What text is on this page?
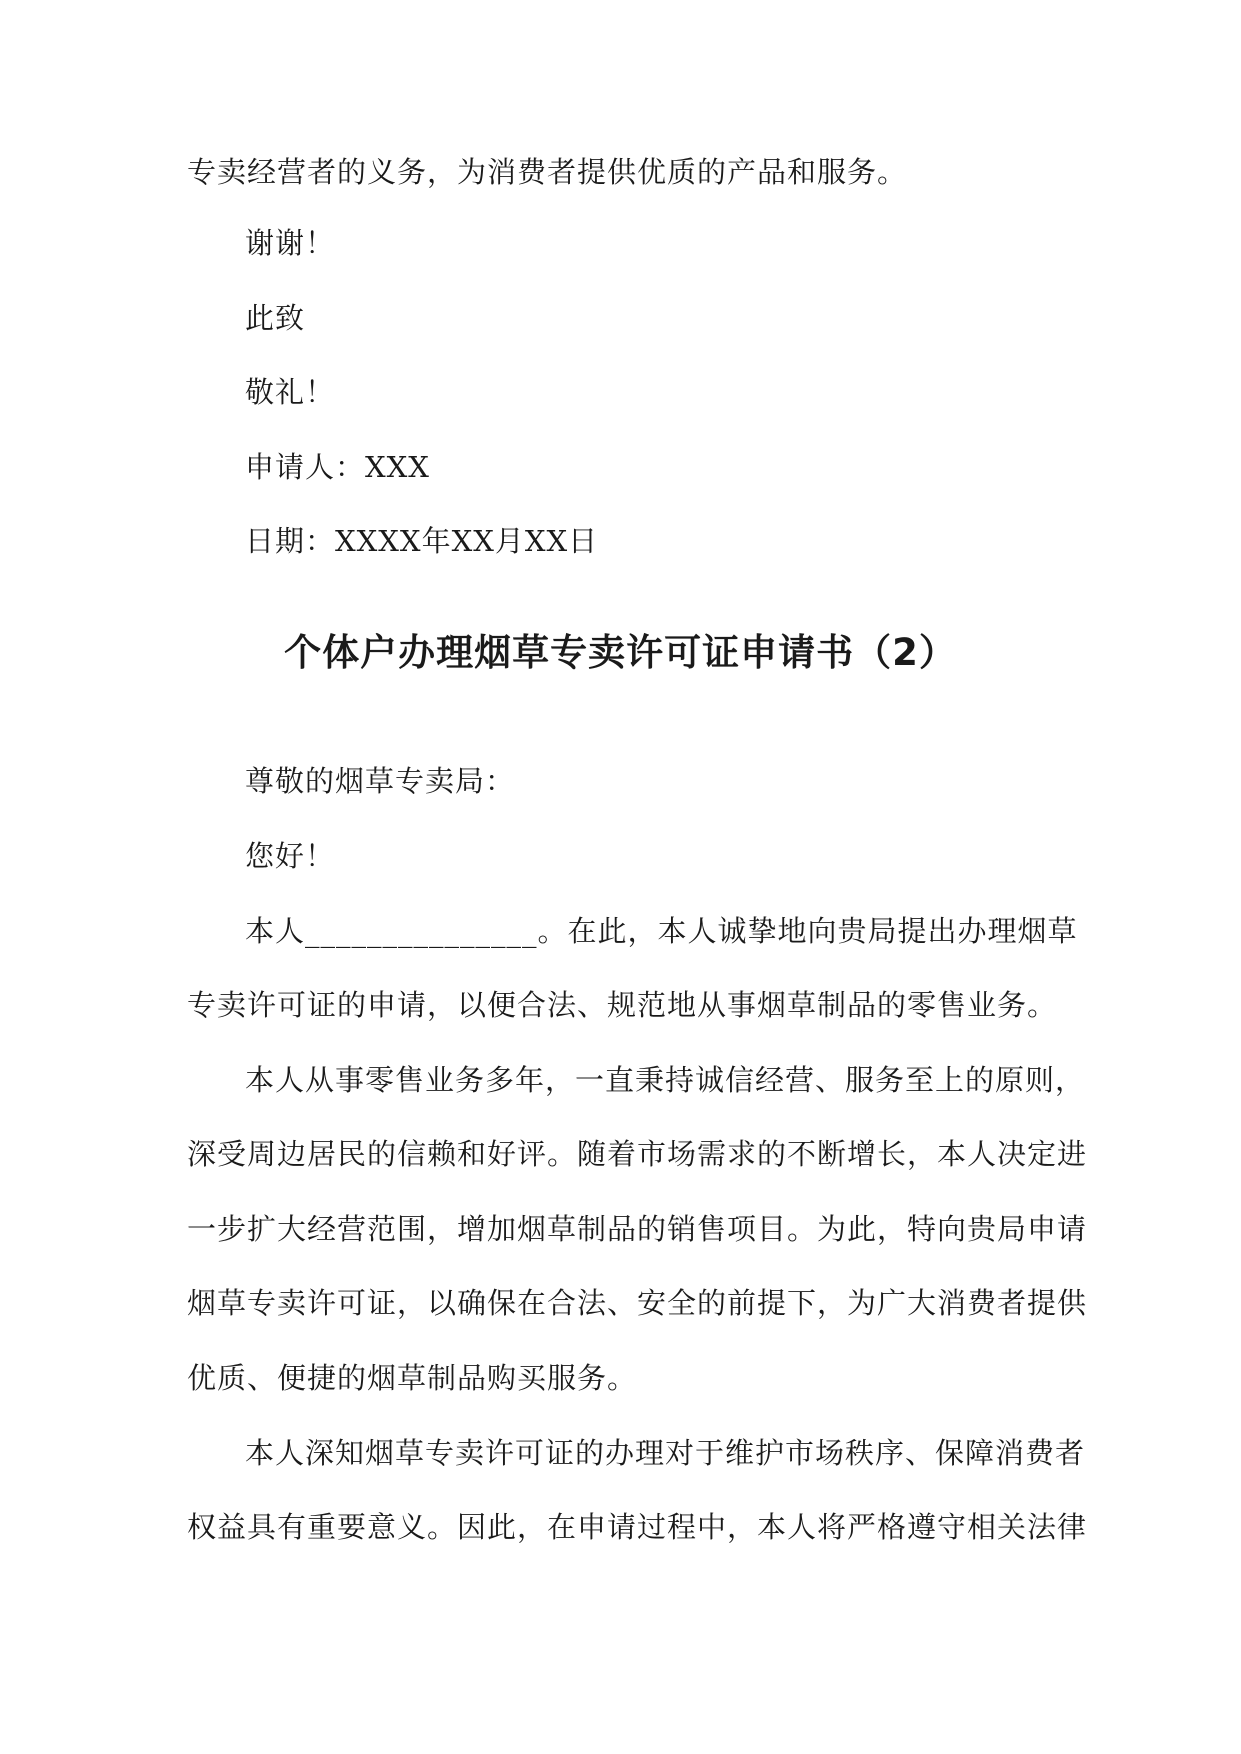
专卖经营者的义务，为消费者提供优质的产品和服务。
谢谢！
此致
敬礼！
申请人：XXX
日期：XXXX年XX月XX日
个体户办理烟草专卖许可证申请书（2）
尊敬的烟草专卖局：
您好！
本人_______________。在此，本人诚挚地向贵局提出办理烟草
专卖许可证的申请，以便合法、规范地从事烟草制品的零售业务。
本人从事零售业务多年，一直秉持诚信经营、服务至上的原则，
深受周边居民的信赖和好评。随着市场需求的不断增长，本人决定进
一步扩大经营范围，增加烟草制品的销售项目。为此，特向贵局申请
烟草专卖许可证，以确保在合法、安全的前提下，为广大消费者提供
优质、便捷的烟草制品购买服务。
本人深知烟草专卖许可证的办理对于维护市场秩序、保障消费者
权益具有重要意义。因此，在申请过程中，本人将严格遵守相关法律
